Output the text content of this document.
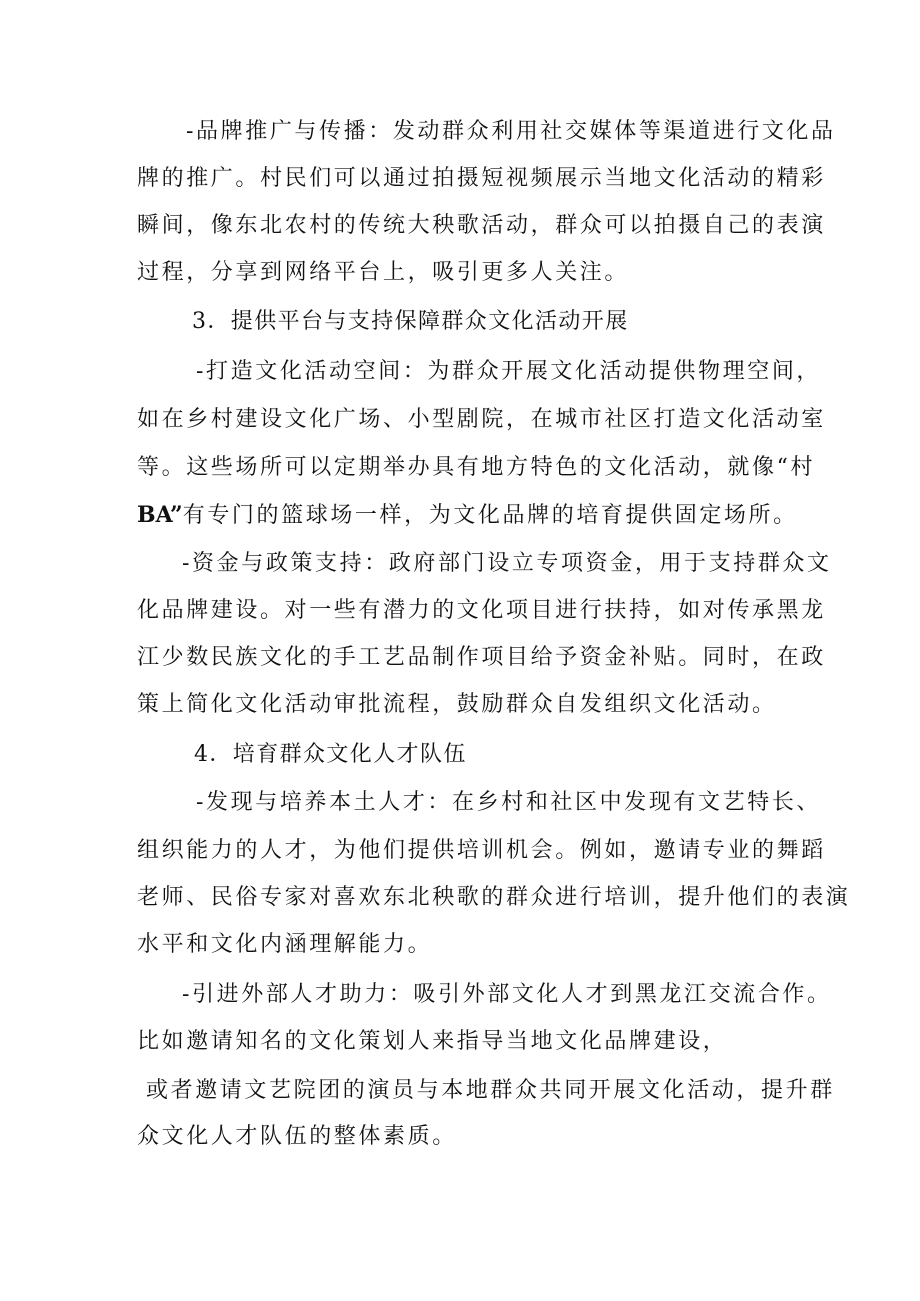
-品牌推广与传播：发动群众利用社交媒体等渠道进行文化品
牌的推广。村民们可以通过拍摄短视频展示当地文化活动的精彩
瞬间，像东北农村的传统大秧歌活动，群众可以拍摄自己的表演
过程，分享到网络平台上，吸引更多人关注。
3．提供平台与支持保障群众文化活动开展
-打造文化活动空间：为群众开展文化活动提供物理空间，
如在乡村建设文化广场、小型剧院，在城市社区打造文化活动室
等。这些场所可以定期举办具有地方特色的文化活动，就像“村
BA”有专门的篮球场一样，为文化品牌的培育提供固定场所。
-资金与政策支持：政府部门设立专项资金，用于支持群众文
化品牌建设。对一些有潜力的文化项目进行扶持，如对传承黑龙
江少数民族文化的手工艺品制作项目给予资金补贴。同时，在政
策上简化文化活动审批流程，鼓励群众自发组织文化活动。
4．培育群众文化人才队伍
-发现与培养本土人才：在乡村和社区中发现有文艺特长、
组织能力的人才，为他们提供培训机会。例如，邀请专业的舞蹈
老师、民俗专家对喜欢东北秧歌的群众进行培训，提升他们的表演
水平和文化内涵理解能力。
-引进外部人才助力：吸引外部文化人才到黑龙江交流合作。
比如邀请知名的文化策划人来指导当地文化品牌建设，
或者邀请文艺院团的演员与本地群众共同开展文化活动，提升群
众文化人才队伍的整体素质。
